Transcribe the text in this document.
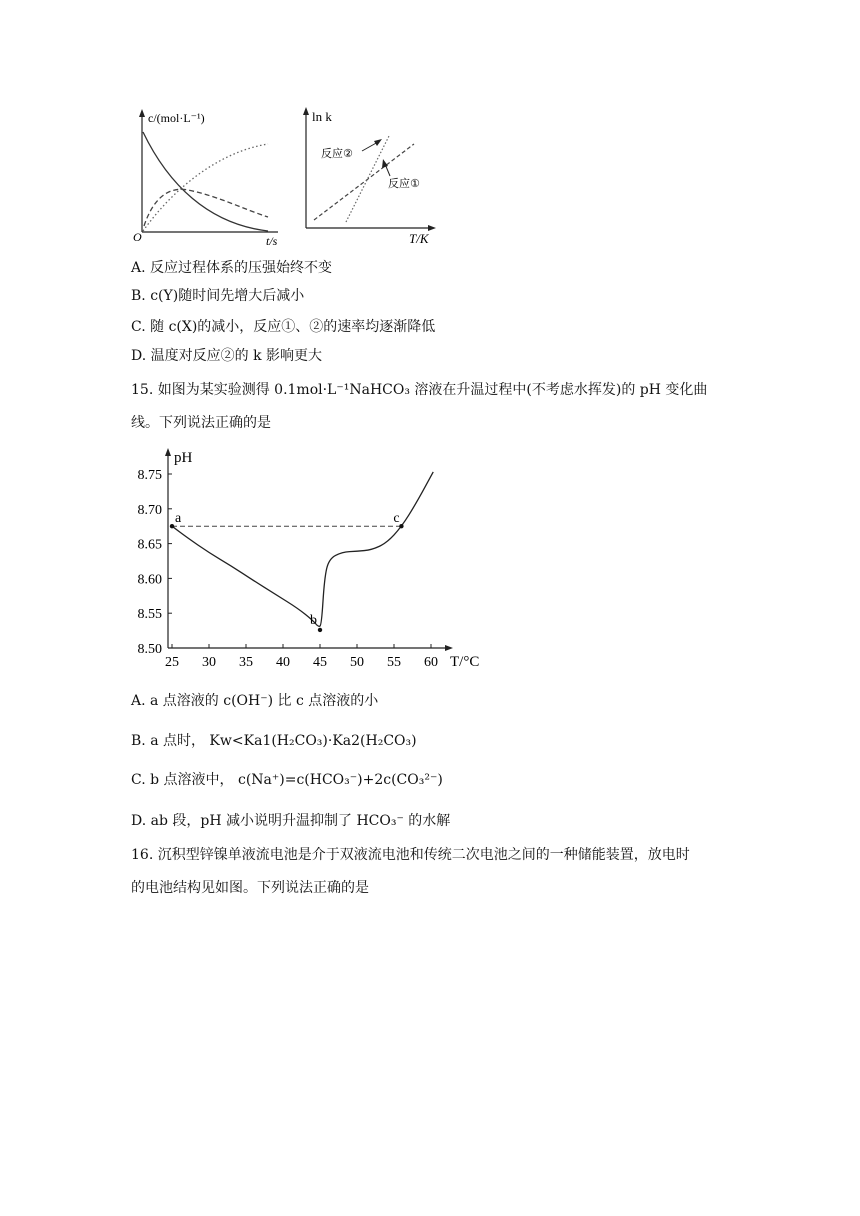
c/(mol·L⁻¹)
O	t/s
ln k
T/K
反应②
反应①
A. 反应过程体系的压强始终不变
B. c(Y)随时间先增大后减小
C. 随 c(X)的减小，反应①、②的速率均逐渐降低
D. 温度对反应②的 k 影响更大
15. 如图为某实验测得 0.1mol·L⁻¹NaHCO₃ 溶液在升温过程中(不考虑水挥发)的 pH 变化曲
线。下列说法正确的是
pH
T/°C
25 30 35 40 45 50 55 60
8.50
8.55
8.60
8.65
8.70
8.75
a
b
c
A. a 点溶液的 c(OH⁻) 比 c 点溶液的小
B. a 点时， Kw<Ka1(H₂CO₃)·Ka2(H₂CO₃)
C. b 点溶液中， c(Na⁺)=c(HCO₃⁻)+2c(CO₃²⁻)
D. ab 段，pH 减小说明升温抑制了 HCO₃⁻ 的水解
16. 沉积型锌镍单液流电池是介于双液流电池和传统二次电池之间的一种储能装置，放电时
的电池结构见如图。下列说法正确的是
